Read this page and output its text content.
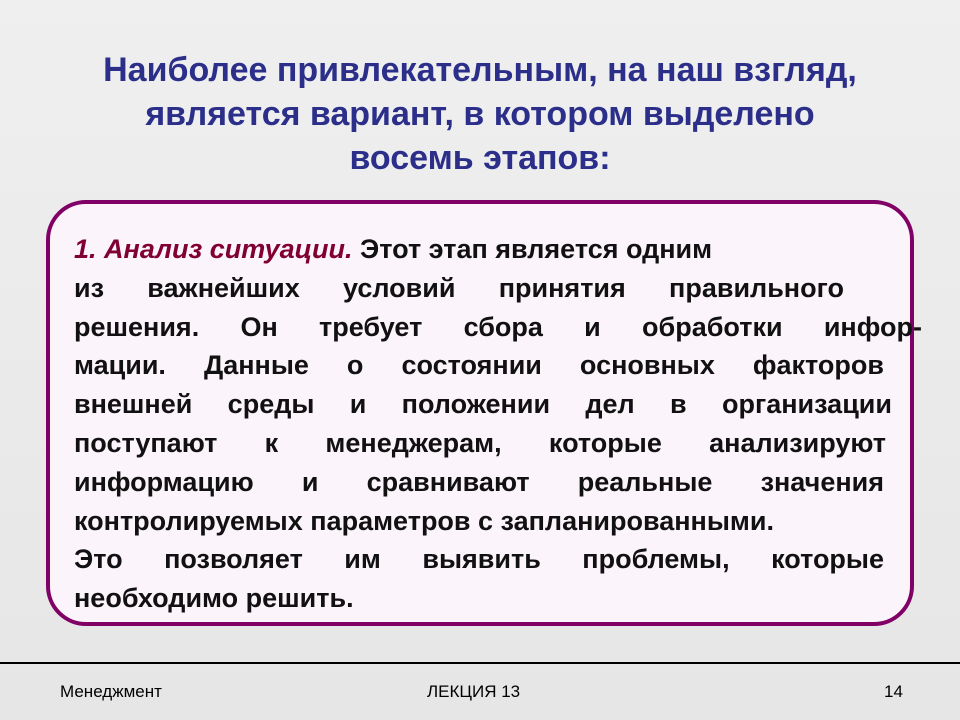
Наиболее привлекательным, на наш взгляд,
является вариант, в котором выделено
восемь этапов:
1. Анализ ситуации. Этот этап является одним
из важнейших условий принятия правильного
решения. Он требует сбора и обработки инфор-
мации. Данные о состоянии основных факторов
внешней среды и положении дел в организации
поступают к менеджерам, которые анализируют
информацию и сравнивают реальные значения
контролируемых параметров с запланированными.
Это позволяет им выявить проблемы, которые
необходимо решить.
Менеджмент	ЛЕКЦИЯ 13	14
